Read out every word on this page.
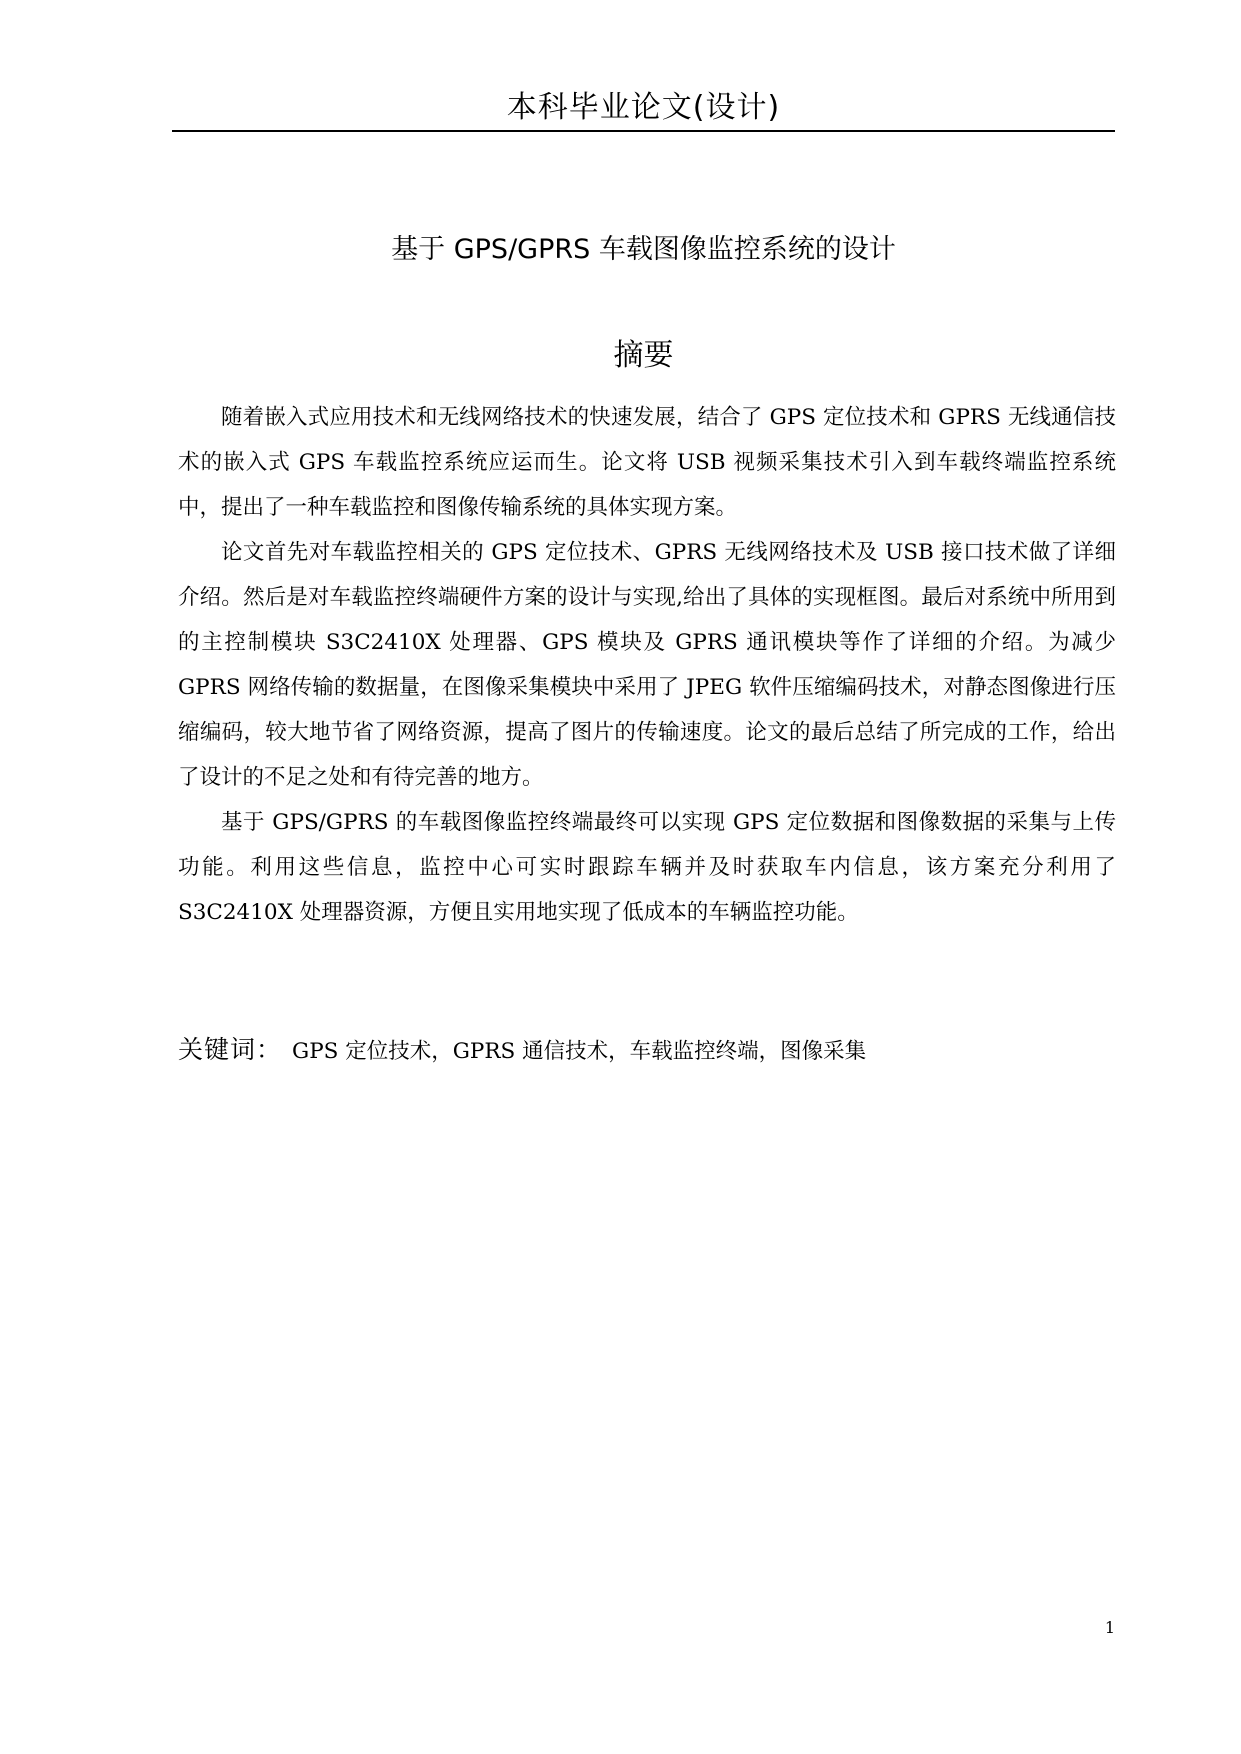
本科毕业论文(设计)
基于 GPS/GPRS 车载图像监控系统的设计
摘要

随着嵌入式应用技术和无线网络技术的快速发展，结合了 GPS 定位技术和 GPRS 无线通信技术的嵌入式 GPS 车载监控系统应运而生。论文将 USB 视频采集技术引入到车载终端监控系统中，提出了一种车载监控和图像传输系统的具体实现方案。

论文首先对车载监控相关的 GPS 定位技术、GPRS 无线网络技术及 USB 接口技术做了详细介绍。然后是对车载监控终端硬件方案的设计与实现,给出了具体的实现框图。最后对系统中所用到的主控制模块 S3C2410X 处理器、GPS 模块及 GPRS 通讯模块等作了详细的介绍。为减少 GPRS 网络传输的数据量，在图像采集模块中采用了 JPEG 软件压缩编码技术，对静态图像进行压缩编码，较大地节省了网络资源，提高了图片的传输速度。论文的最后总结了所完成的工作，给出了设计的不足之处和有待完善的地方。

基于 GPS/GPRS 的车载图像监控终端最终可以实现 GPS 定位数据和图像数据的采集与上传功能。利用这些信息，监控中心可实时跟踪车辆并及时获取车内信息，该方案充分利用了 S3C2410X 处理器资源，方便且实用地实现了低成本的车辆监控功能。

关键词： GPS 定位技术，GPRS 通信技术，车载监控终端，图像采集
1
